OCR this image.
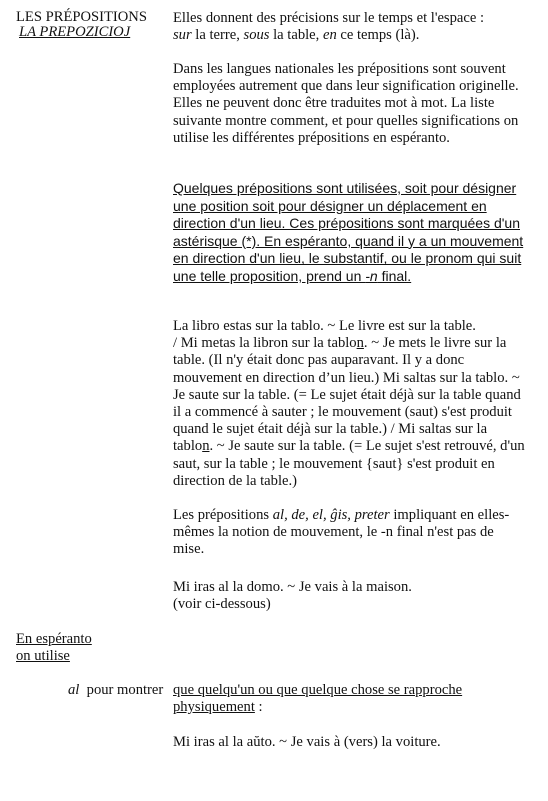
LES PRÉPOSITIONS
LA PREPOZICIOJ

Elles donnent des précisions sur le temps et l'espace :

sur la terre, sous la table, en ce temps (là).

Dans les langues nationales les prépositions sont souvent employées autrement que dans leur signification originelle. Elles ne peuvent donc être traduites mot à mot. La liste suivante montre comment, et pour quelles significations on utilise les différentes prépositions en espéranto.

Quelques prépositions sont utilisées, soit pour désigner une position soit pour désigner un déplacement en direction d'un lieu. Ces prépositions sont marquées d'un astérisque (*). En espéranto, quand il y a un mouvement en direction d'un lieu, le substantif, ou le pronom qui suit une telle proposition, prend un -n final.

La libro estas sur la tablo. ~ Le livre est sur la table.

/ Mi metas la libron sur la tablon. ~ Je mets le livre sur la table. (Il n'y était donc pas auparavant. Il y a donc mouvement en direction d’un lieu.) Mi saltas sur la tablo. ~ Je saute sur la table. (= Le sujet était déjà sur la table quand il a commencé à sauter ; le mouvement (saut) s'est produit quand le sujet était déjà sur la table.) / Mi saltas sur la tablon. ~ Je saute sur la table. (= Le sujet s'est retrouvé, d'un saut, sur la table ; le mouvement {saut} s'est produit en direction de la table.)

Les prépositions al, de, el, ĝis, preter impliquant en elles-mêmes la notion de mouvement, le -n final n'est pas de mise.

Mi iras al la domo. ~ Je vais à la maison.

(voir ci-dessous)

En espéranto

on utilise

al pour montrer que quelqu'un ou que quelque chose se rapproche physiquement :

Mi iras al la aŭto. ~ Je vais à (vers) la voiture.
